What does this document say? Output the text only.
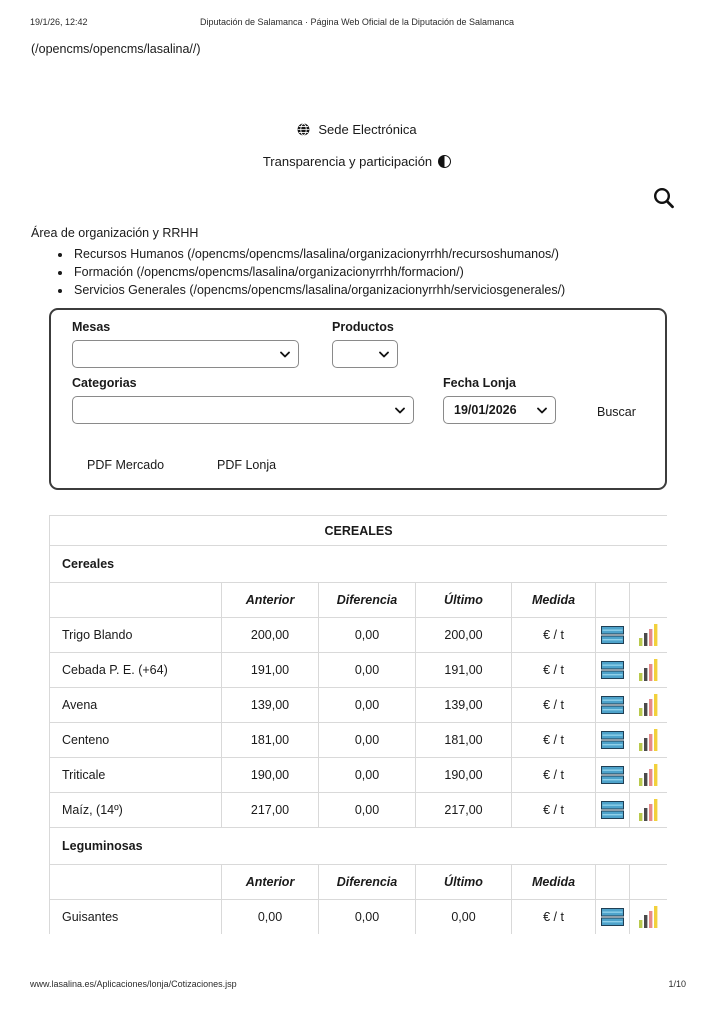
19/1/26, 12:42	Diputación de Salamanca · Página Web Oficial de la Diputación de Salamanca
(/opencms/opencms/lasalina//)
Sede Electrónica
Transparencia y participación
Área de organización y RRHH
• Recursos Humanos (/opencms/opencms/lasalina/organizacionyrrhh/recursoshumanos/)
• Formación (/opencms/opencms/lasalina/organizacionyrrhh/formacion/)
• Servicios Generales (/opencms/opencms/lasalina/organizacionyrrhh/serviciosgenerales/)
Mesas	Productos
Categorias	Fecha Lonja
19/01/2026	Buscar
PDF Mercado	PDF Lonja
CEREALES						
Cereales						
	Anterior	Diferencia	Último	Medida		
Trigo Blando	200,00	0,00	200,00	€ / t		
Cebada P. E. (+64)	191,00	0,00	191,00	€ / t		
Avena	139,00	0,00	139,00	€ / t		
Centeno	181,00	0,00	181,00	€ / t		
Triticale	190,00	0,00	190,00	€ / t		
Maíz, (14º)	217,00	0,00	217,00	€ / t		
Leguminosas						
	Anterior	Diferencia	Último	Medida		
Guisantes	0,00	0,00	0,00	€ / t		

www.lasalina.es/Aplicaciones/lonja/Cotizaciones.jsp	1/10
